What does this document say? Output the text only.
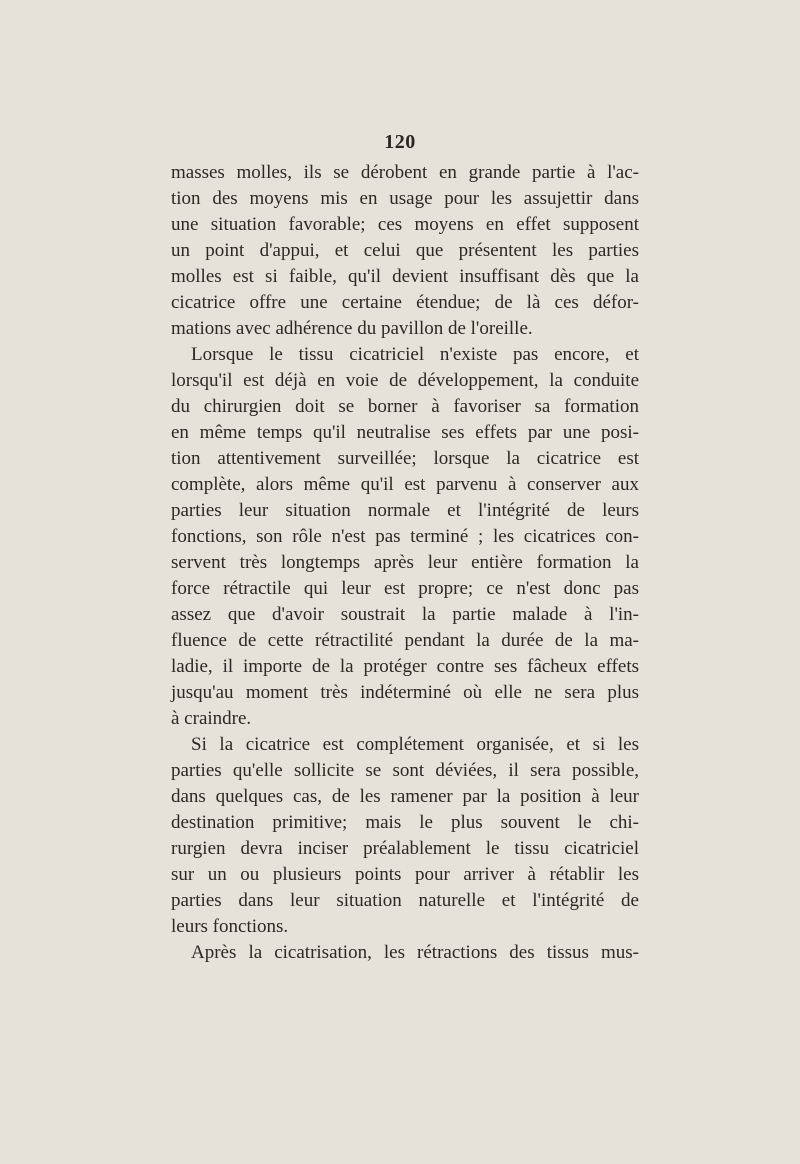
120
masses molles, ils se dérobent en grande partie à l'ac-
tion des moyens mis en usage pour les assujettir dans
une situation favorable; ces moyens en effet supposent
un point d'appui, et celui que présentent les parties
molles est si faible, qu'il devient insuffisant dès que la
cicatrice offre une certaine étendue; de là ces défor-
mations avec adhérence du pavillon de l'oreille.
Lorsque le tissu cicatriciel n'existe pas encore, et
lorsqu'il est déjà en voie de développement, la conduite
du chirurgien doit se borner à favoriser sa formation
en même temps qu'il neutralise ses effets par une posi-
tion attentivement surveillée; lorsque la cicatrice est
complète, alors même qu'il est parvenu à conserver aux
parties leur situation normale et l'intégrité de leurs
fonctions, son rôle n'est pas terminé ; les cicatrices con-
servent très longtemps après leur entière formation la
force rétractile qui leur est propre; ce n'est donc pas
assez que d'avoir soustrait la partie malade à l'in-
fluence de cette rétractilité pendant la durée de la ma-
ladie, il importe de la protéger contre ses fâcheux effets
jusqu'au moment très indéterminé où elle ne sera plus
à craindre.
Si la cicatrice est complétement organisée, et si les
parties qu'elle sollicite se sont déviées, il sera possible,
dans quelques cas, de les ramener par la position à leur
destination primitive; mais le plus souvent le chi-
rurgien devra inciser préalablement le tissu cicatriciel
sur un ou plusieurs points pour arriver à rétablir les
parties dans leur situation naturelle et l'intégrité de
leurs fonctions.
Après la cicatrisation, les rétractions des tissus mus-
